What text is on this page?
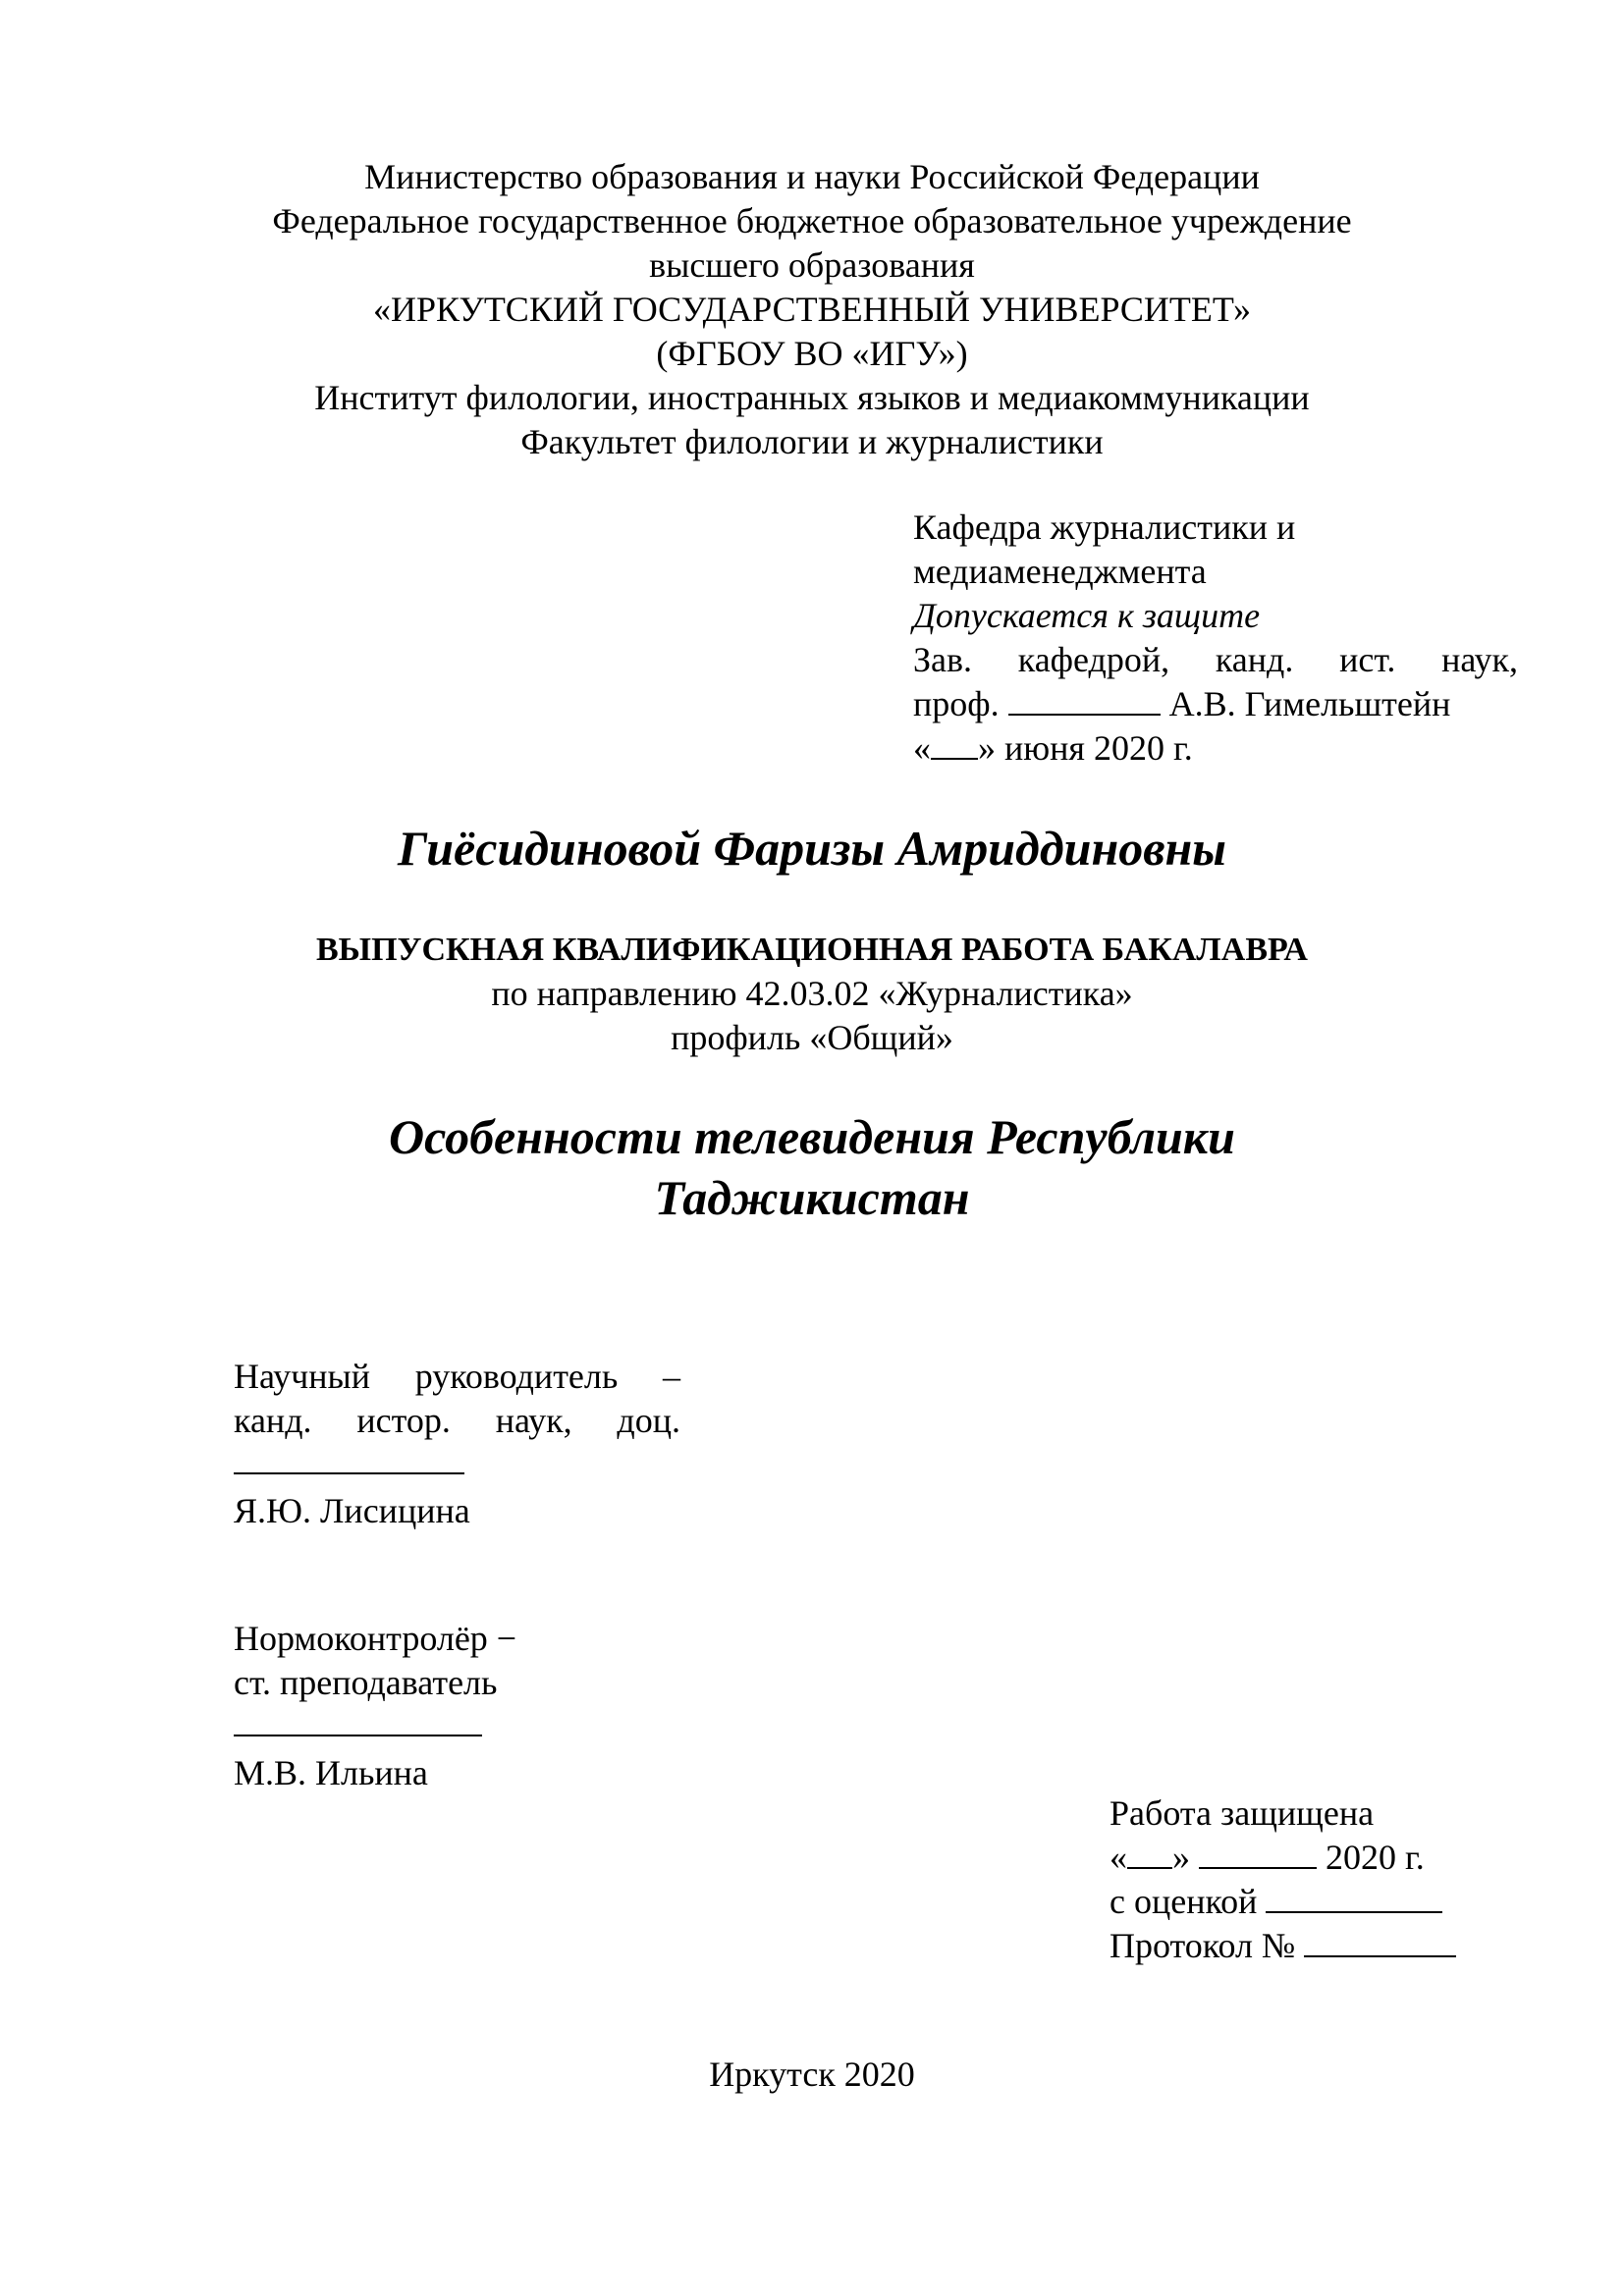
Министерство образования и науки Российской Федерации
Федеральное государственное бюджетное образовательное учреждение
высшего образования
«ИРКУТСКИЙ ГОСУДАРСТВЕННЫЙ УНИВЕРСИТЕТ»
(ФГБОУ ВО «ИГУ»)
Институт филологии, иностранных языков и медиакоммуникации
Факультет филологии и журналистики
Кафедра журналистики и
медиаменеджмента
Допускается к защите
Зав. кафедрой, канд. ист. наук,
проф.	А.В. Гимельштейн
« » июня 2020 г.
Гиёсидиновой Фаризы Амриддиновны
ВЫПУСКНАЯ КВАЛИФИКАЦИОННАЯ РАБОТА БАКАЛАВРА
по направлению 42.03.02 «Журналистика»
профиль «Общий»
Особенности телевидения Республики
Таджикистан
Научный руководитель –
канд. истор. наук, доц.
Я.Ю. Лисицина
Нормоконтролёр −
ст. преподаватель
М.В. Ильина
Работа защищена
« »	2020 г.
с оценкой
Протокол №
Иркутск 2020
